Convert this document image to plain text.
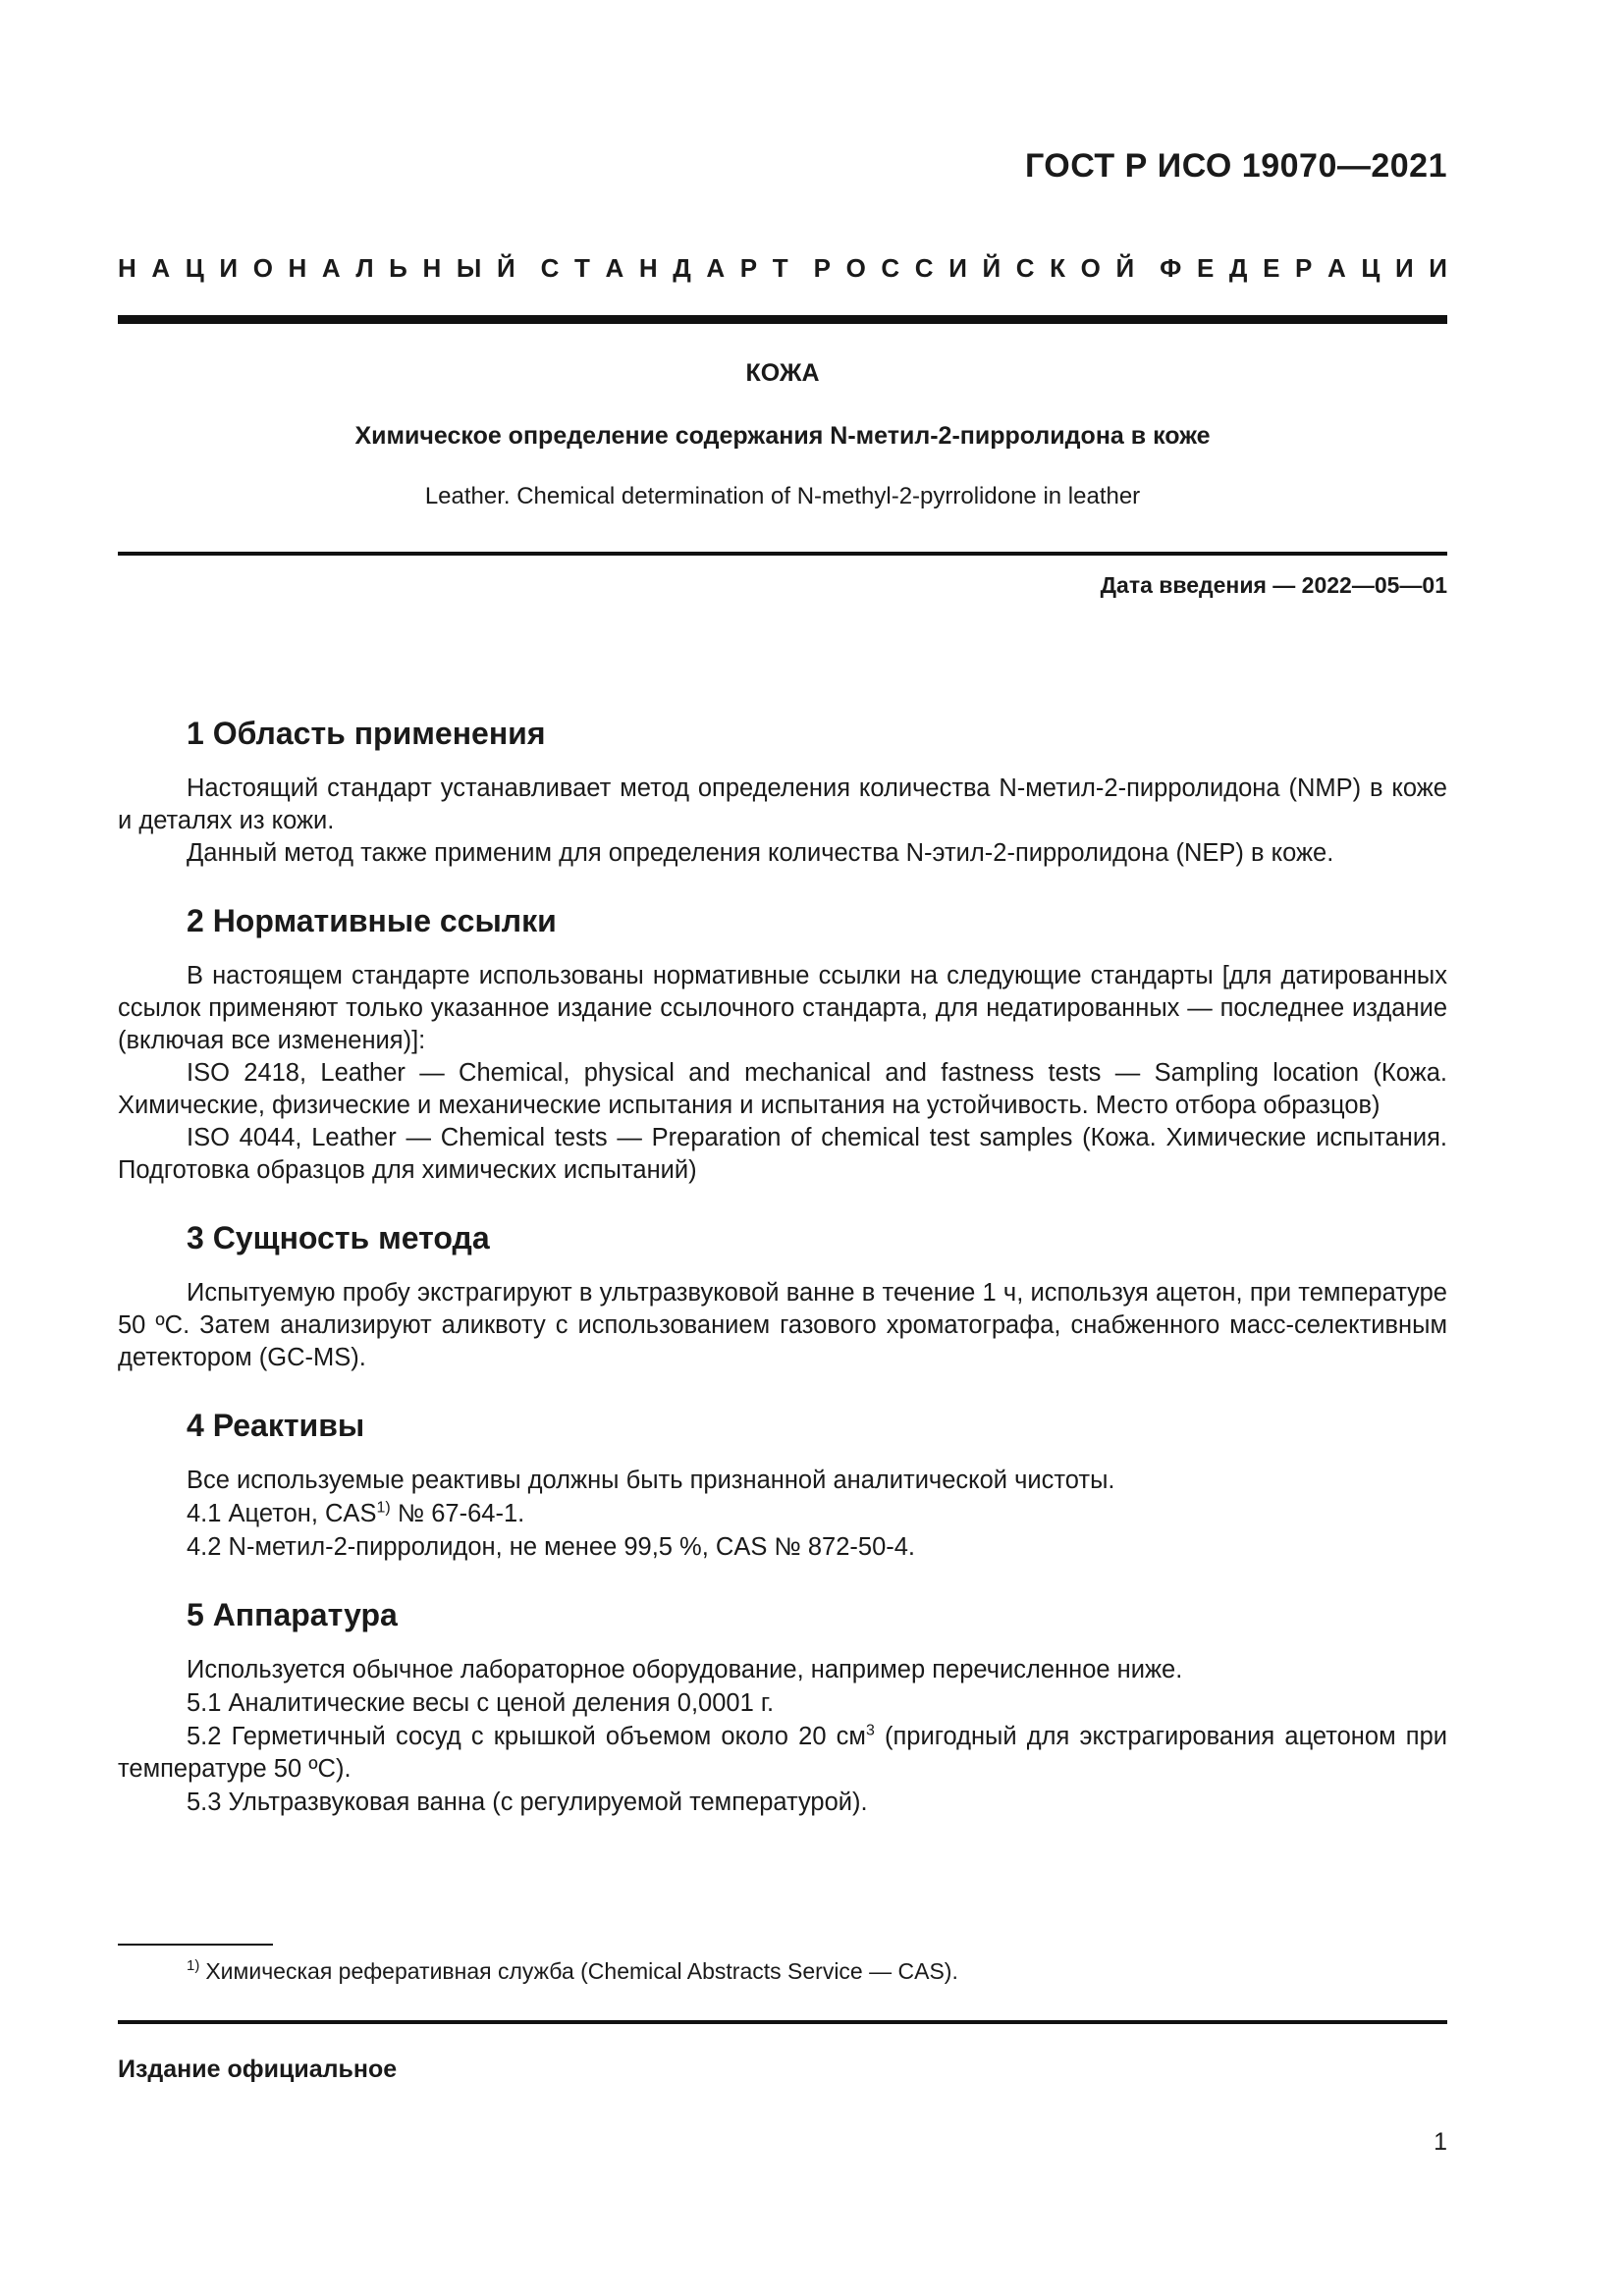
ГОСТ Р ИСО 19070—2021
Н   А   Ц   И   О   Н   А   Л   Ь   Н   Ы   Й С   Т   А   Н   Д   А   Р   Т Р   О   С   С   И   Й   С   К   О   Й Ф   Е   Д   Е   Р   А   Ц   И   И
КОЖА
Химическое определение содержания N-метил-2-пирролидона в коже
Leather. Chemical determination of N-methyl-2-pyrrolidone in leather
Дата введения — 2022—05—01
1 Область применения

Настоящий стандарт устанавливает метод определения количества N-метил-2-пирролидона (NMP) в коже и деталях из кожи.

Данный метод также применим для определения количества N-этил-2-пирролидона (NEP) в коже.

2 Нормативные ссылки

В настоящем стандарте использованы нормативные ссылки на следующие стандарты [для датированных ссылок применяют только указанное издание ссылочного стандарта, для недатированных — последнее издание (включая все изменения)]:

ISO 2418, Leather — Chemical, physical and mechanical and fastness tests — Sampling location (Кожа. Химические, физические и механические испытания и испытания на устойчивость. Место отбора образцов)

ISO 4044, Leather — Chemical tests — Preparation of chemical test samples (Кожа. Химические испытания. Подготовка образцов для химических испытаний)

3 Сущность метода

Испытуемую пробу экстрагируют в ультразвуковой ванне в течение 1 ч, используя ацетон, при температуре 50 ºС. Затем анализируют аликвоту с использованием газового хроматографа, снабженного масс-селективным детектором (GC-MS).

4 Реактивы

Все используемые реактивы должны быть признанной аналитической чистоты.

4.1 Ацетон, CAS$^{1)}$ № 67-64-1.

4.2 N-метил-2-пирролидон, не менее 99,5 %, CAS № 872-50-4.

5 Аппаратура

Используется обычное лабораторное оборудование, например перечисленное ниже.

5.1 Аналитические весы с ценой деления 0,0001 г.

5.2 Герметичный сосуд с крышкой объемом около 20 $см^3$ (пригодный для экстрагирования ацетоном при температуре 50 ºС).

5.3 Ультразвуковая ванна (с регулируемой температурой).

$^{1)}$ Химическая реферативная служба (Chemical Abstracts Service — CAS).
Издание официальное
1
